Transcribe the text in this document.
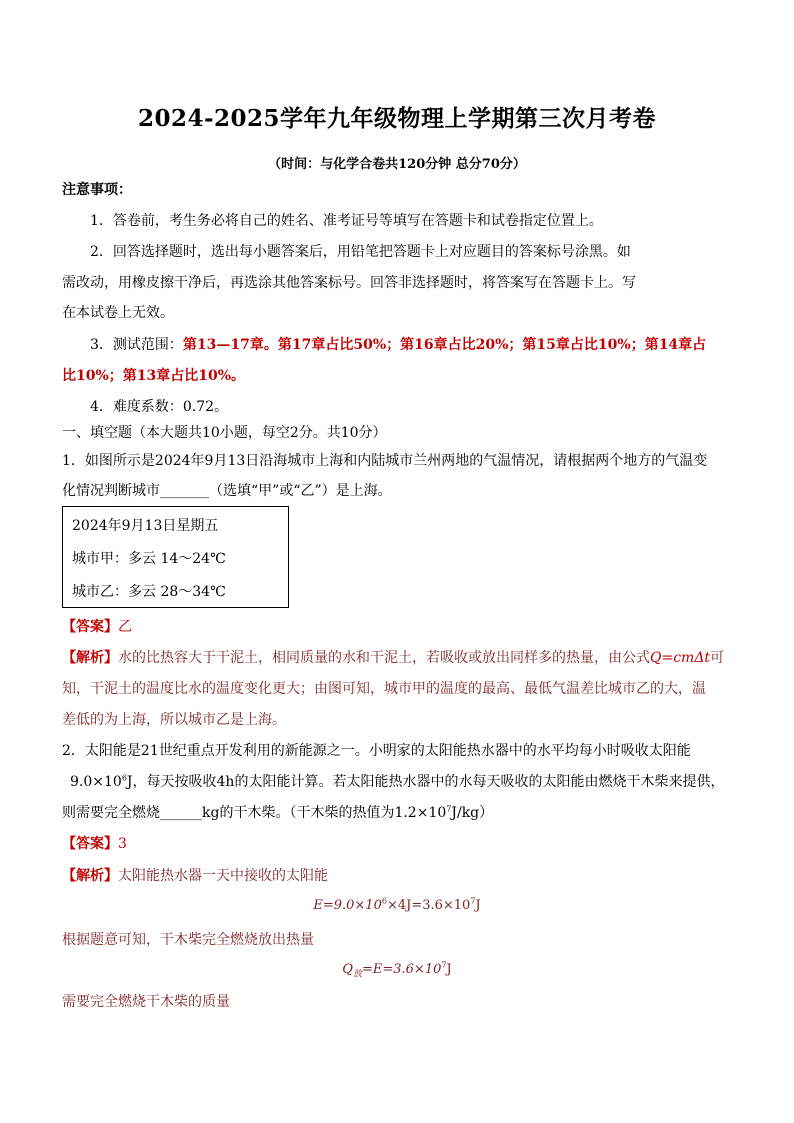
2024-2025学年九年级物理上学期第三次月考卷
（时间：与化学合卷共120分钟 总分70分）
注意事项：
1．答卷前，考生务必将自己的姓名、准考证号等填写在答题卡和试卷指定位置上。
2．回答选择题时，选出每小题答案后，用铅笔把答题卡上对应题目的答案标号涂黑。如
需改动，用橡皮擦干净后，再选涂其他答案标号。回答非选择题时，将答案写在答题卡上。写
在本试卷上无效。
3．测试范围：第13—17章。第17章占比50%；第16章占比20%；第15章占比10%；第14章占
比10%；第13章占比10%。
4．难度系数：0.72。
一、填空题（本大题共10小题，每空2分。共10分）
1．如图所示是2024年9月13日沿海城市上海和内陆城市兰州两地的气温情况，请根据两个地方的气温变
化情况判断城市_______（选填“甲”或“乙”）是上海。
2024年9月13日星期五
城市甲：多云 14～24℃
城市乙：多云 28～34℃
【答案】乙
【解析】水的比热容大于干泥土，相同质量的水和干泥土，若吸收或放出同样多的热量，由公式Q=cmΔt可
知，干泥土的温度比水的温度变化更大；由图可知，城市甲的温度的最高、最低气温差比城市乙的大，温
差低的为上海，所以城市乙是上海。
2．太阳能是21世纪重点开发利用的新能源之一。小明家的太阳能热水器中的水平均每小时吸收太阳能
$9.0\times 10^6J$，每天按吸收4h的太阳能计算。若太阳能热水器中的水每天吸收的太阳能由燃烧干木柴来提供，
则需要完全燃烧______kg的干木柴。（干木柴的热值为$1.2\times 10^7J/kg$）
【答案】3
【解析】太阳能热水器一天中接收的太阳能
$E=9.0\times 10^6\times 4J=3.6\times 10^7J$
根据题意可知，干木柴完全燃烧放出热量
$Q_放=E=3.6\times 10^7J$
需要完全燃烧干木柴的质量
